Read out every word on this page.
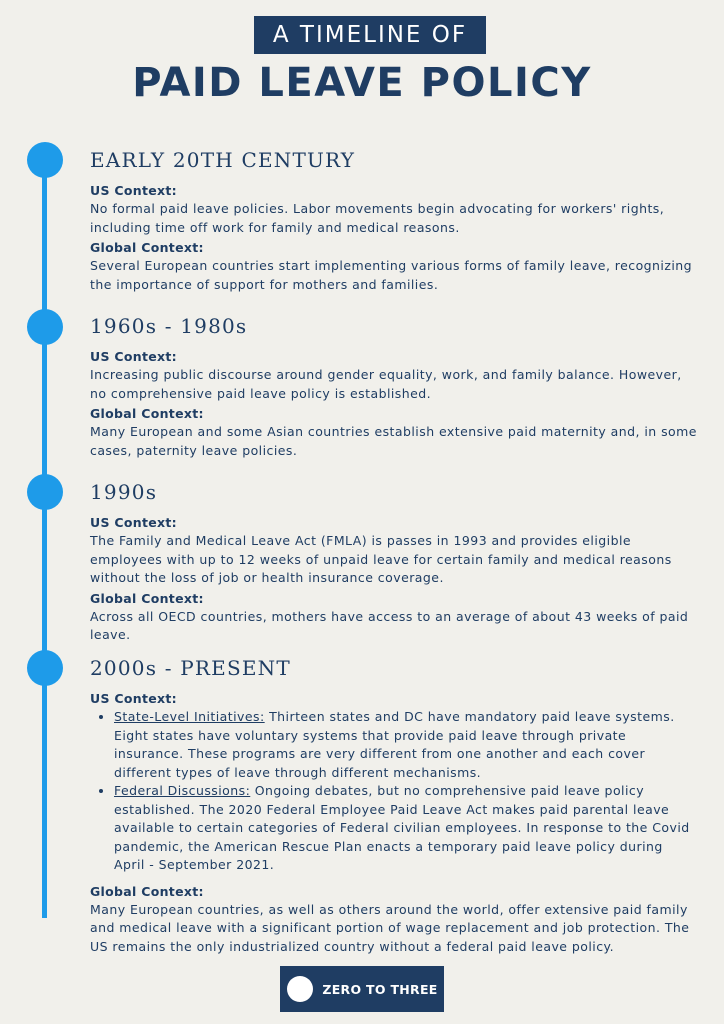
A TIMELINE OF
PAID LEAVE POLICY
EARLY 20TH CENTURY

US Context:

No formal paid leave policies. Labor movements begin advocating for workers' rights, including time off work for family and medical reasons.

Global Context:

Several European countries start implementing various forms of family leave, recognizing the importance of support for mothers and families.

1960s - 1980s

US Context:

Increasing public discourse around gender equality, work, and family balance. However, no comprehensive paid leave policy is established.

Global Context:

Many European and some Asian countries establish extensive paid maternity and, in some cases, paternity leave policies.

1990s

US Context:

The Family and Medical Leave Act (FMLA) is passes in 1993 and provides eligible employees with up to 12 weeks of unpaid leave for certain family and medical reasons without the loss of job or health insurance coverage.

Global Context:

Across all OECD countries, mothers have access to an average of about 43 weeks of paid leave.

2000s - PRESENT

US Context:

• State-Level Initiatives: Thirteen states and DC have mandatory paid leave systems. Eight states have voluntary systems that provide paid leave through private insurance. These programs are very different from one another and each cover different types of leave through different mechanisms.
• Federal Discussions: Ongoing debates, but no comprehensive paid leave policy established. The 2020 Federal Employee Paid Leave Act makes paid parental leave available to certain categories of Federal civilian employees. In response to the Covid pandemic, the American Rescue Plan enacts a temporary paid leave policy during April - September 2021.

Global Context:

Many European countries, as well as others around the world, offer extensive paid family and medical leave with a significant portion of wage replacement and job protection. The US remains the only industrialized country without a federal paid leave policy.

ZERO TO THREE
